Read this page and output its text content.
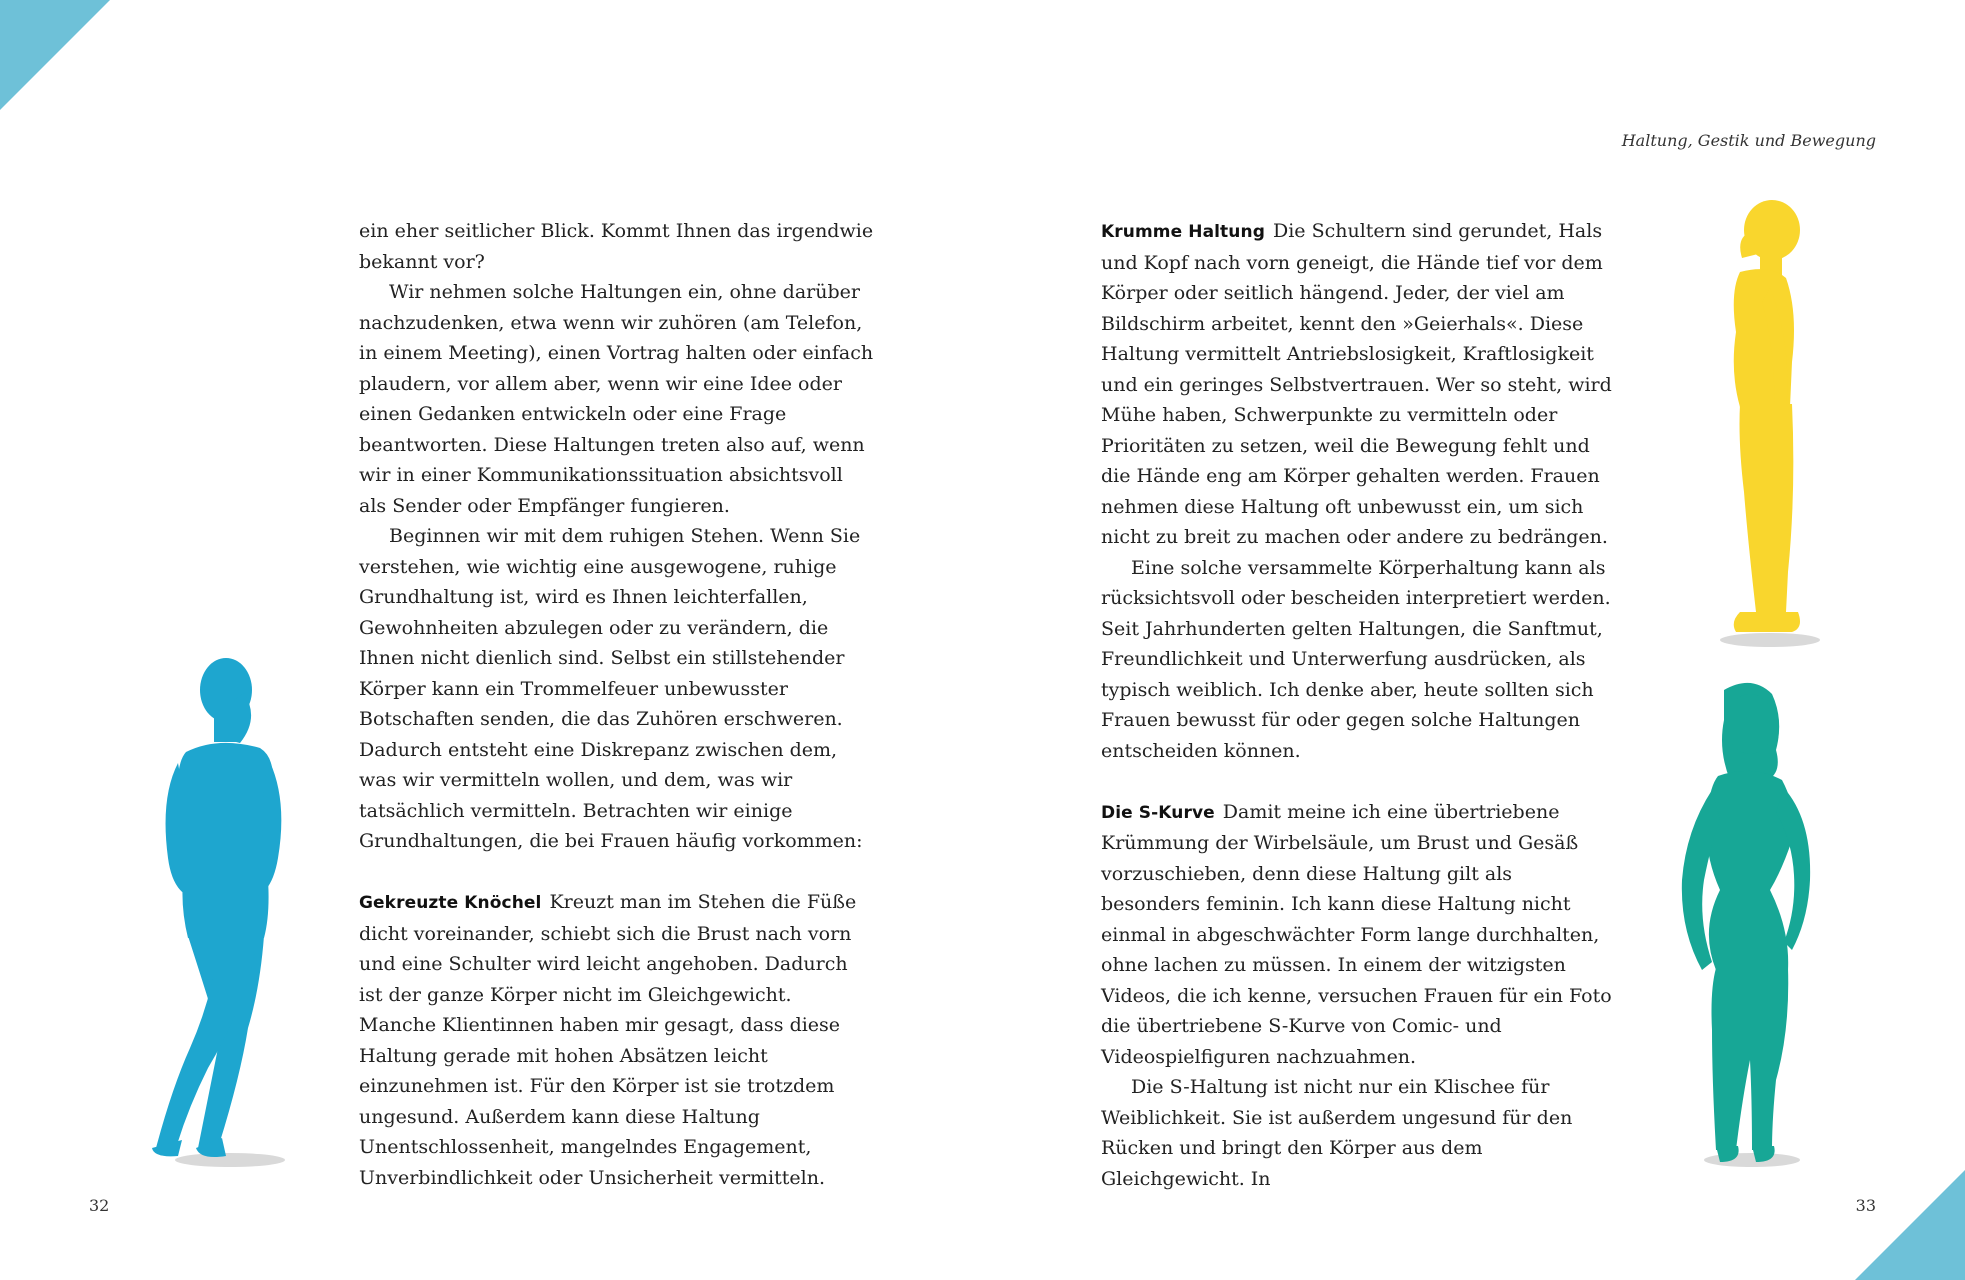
Haltung, Gestik und Bewegung

ein eher seitlicher Blick. Kommt Ihnen das irgendwie bekannt vor?

Wir nehmen solche Haltungen ein, ohne darüber nachzudenken, etwa wenn wir zuhören (am Telefon, in einem Meeting), einen Vortrag halten oder einfach plaudern, vor allem aber, wenn wir eine Idee oder einen Gedanken entwickeln oder eine Frage beantworten. Diese Haltungen treten also auf, wenn wir in einer Kommunikationssituation absichtsvoll als Sender oder Empfänger fungieren.

Beginnen wir mit dem ruhigen Stehen. Wenn Sie verstehen, wie wichtig eine ausgewogene, ruhige Grundhaltung ist, wird es Ihnen leichterfallen, Gewohnheiten abzulegen oder zu verändern, die Ihnen nicht dienlich sind. Selbst ein stillstehender Körper kann ein Trommelfeuer unbewusster Botschaften senden, die das Zuhören erschweren. Dadurch entsteht eine Diskrepanz zwischen dem, was wir vermitteln wollen, und dem, was wir tatsächlich vermitteln. Betrachten wir einige Grundhaltungen, die bei Frauen häufig vorkommen:

Gekreuzte Knöchel Kreuzt man im Stehen die Füße dicht voreinander, schiebt sich die Brust nach vorn und eine Schulter wird leicht angehoben. Dadurch ist der ganze Körper nicht im Gleichgewicht. Manche Klientinnen haben mir gesagt, dass diese Haltung gerade mit hohen Absätzen leicht einzunehmen ist. Für den Körper ist sie trotzdem ungesund. Außerdem kann diese Haltung Unentschlossenheit, mangelndes Engagement, Unverbindlichkeit oder Unsicherheit vermitteln.

Krumme Haltung Die Schultern sind gerundet, Hals und Kopf nach vorn geneigt, die Hände tief vor dem Körper oder seitlich hängend. Jeder, der viel am Bildschirm arbeitet, kennt den »Geierhals«. Diese Haltung vermittelt Antriebslosigkeit, Kraftlosigkeit und ein geringes Selbstvertrauen. Wer so steht, wird Mühe haben, Schwerpunkte zu vermitteln oder Prioritäten zu setzen, weil die Bewegung fehlt und die Hände eng am Körper gehalten werden. Frauen nehmen diese Haltung oft unbewusst ein, um sich nicht zu breit zu machen oder andere zu bedrängen.

Eine solche versammelte Körperhaltung kann als rücksichtsvoll oder bescheiden interpretiert werden. Seit Jahrhunderten gelten Haltungen, die Sanftmut, Freundlichkeit und Unterwerfung ausdrücken, als typisch weiblich. Ich denke aber, heute sollten sich Frauen bewusst für oder gegen solche Haltungen entscheiden können.

Die S-Kurve Damit meine ich eine übertriebene Krümmung der Wirbelsäule, um Brust und Gesäß vorzuschieben, denn diese Haltung gilt als besonders feminin. Ich kann diese Haltung nicht einmal in abgeschwächter Form lange durchhalten, ohne lachen zu müssen. In einem der witzigsten Videos, die ich kenne, versuchen Frauen für ein Foto die übertriebene S-Kurve von Comic- und Videospielfiguren nachzuahmen.

Die S-Haltung ist nicht nur ein Klischee für Weiblichkeit. Sie ist außerdem ungesund für den Rücken und bringt den Körper aus dem Gleichgewicht. In

32	33
